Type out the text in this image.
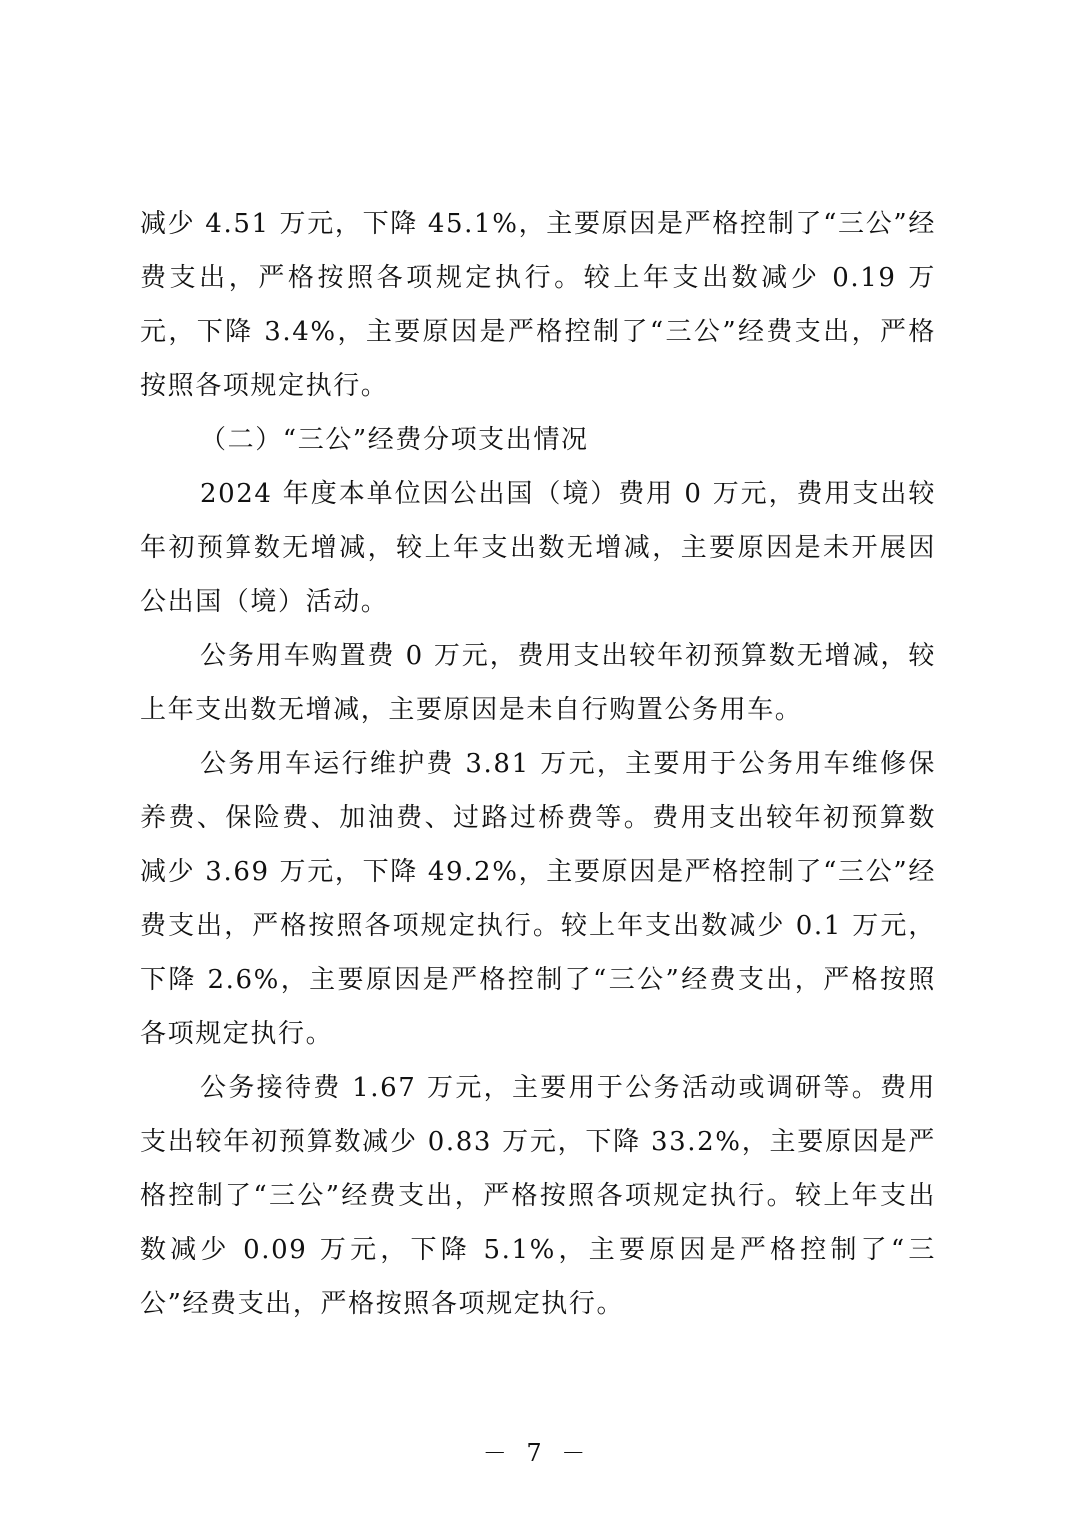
减少 4.51 万元，下降 45.1%，主要原因是严格控制了“三公”经费支出，严格按照各项规定执行。较上年支出数减少 0.19 万元，下降 3.4%，主要原因是严格控制了“三公”经费支出，严格按照各项规定执行。

（二）“三公”经费分项支出情况

2024 年度本单位因公出国（境）费用 0 万元，费用支出较年初预算数无增减，较上年支出数无增减，主要原因是未开展因公出国（境）活动。

公务用车购置费 0 万元，费用支出较年初预算数无增减，较上年支出数无增减，主要原因是未自行购置公务用车。

公务用车运行维护费 3.81 万元，主要用于公务用车维修保养费、保险费、加油费、过路过桥费等。费用支出较年初预算数减少 3.69 万元，下降 49.2%，主要原因是严格控制了“三公”经费支出，严格按照各项规定执行。较上年支出数减少 0.1 万元，下降 2.6%，主要原因是严格控制了“三公”经费支出，严格按照各项规定执行。

公务接待费 1.67 万元，主要用于公务活动或调研等。费用支出较年初预算数减少 0.83 万元，下降 33.2%，主要原因是严格控制了“三公”经费支出，严格按照各项规定执行。较上年支出数减少 0.09 万元，下降 5.1%，主要原因是严格控制了“三公”经费支出，严格按照各项规定执行。

－ 7 －
